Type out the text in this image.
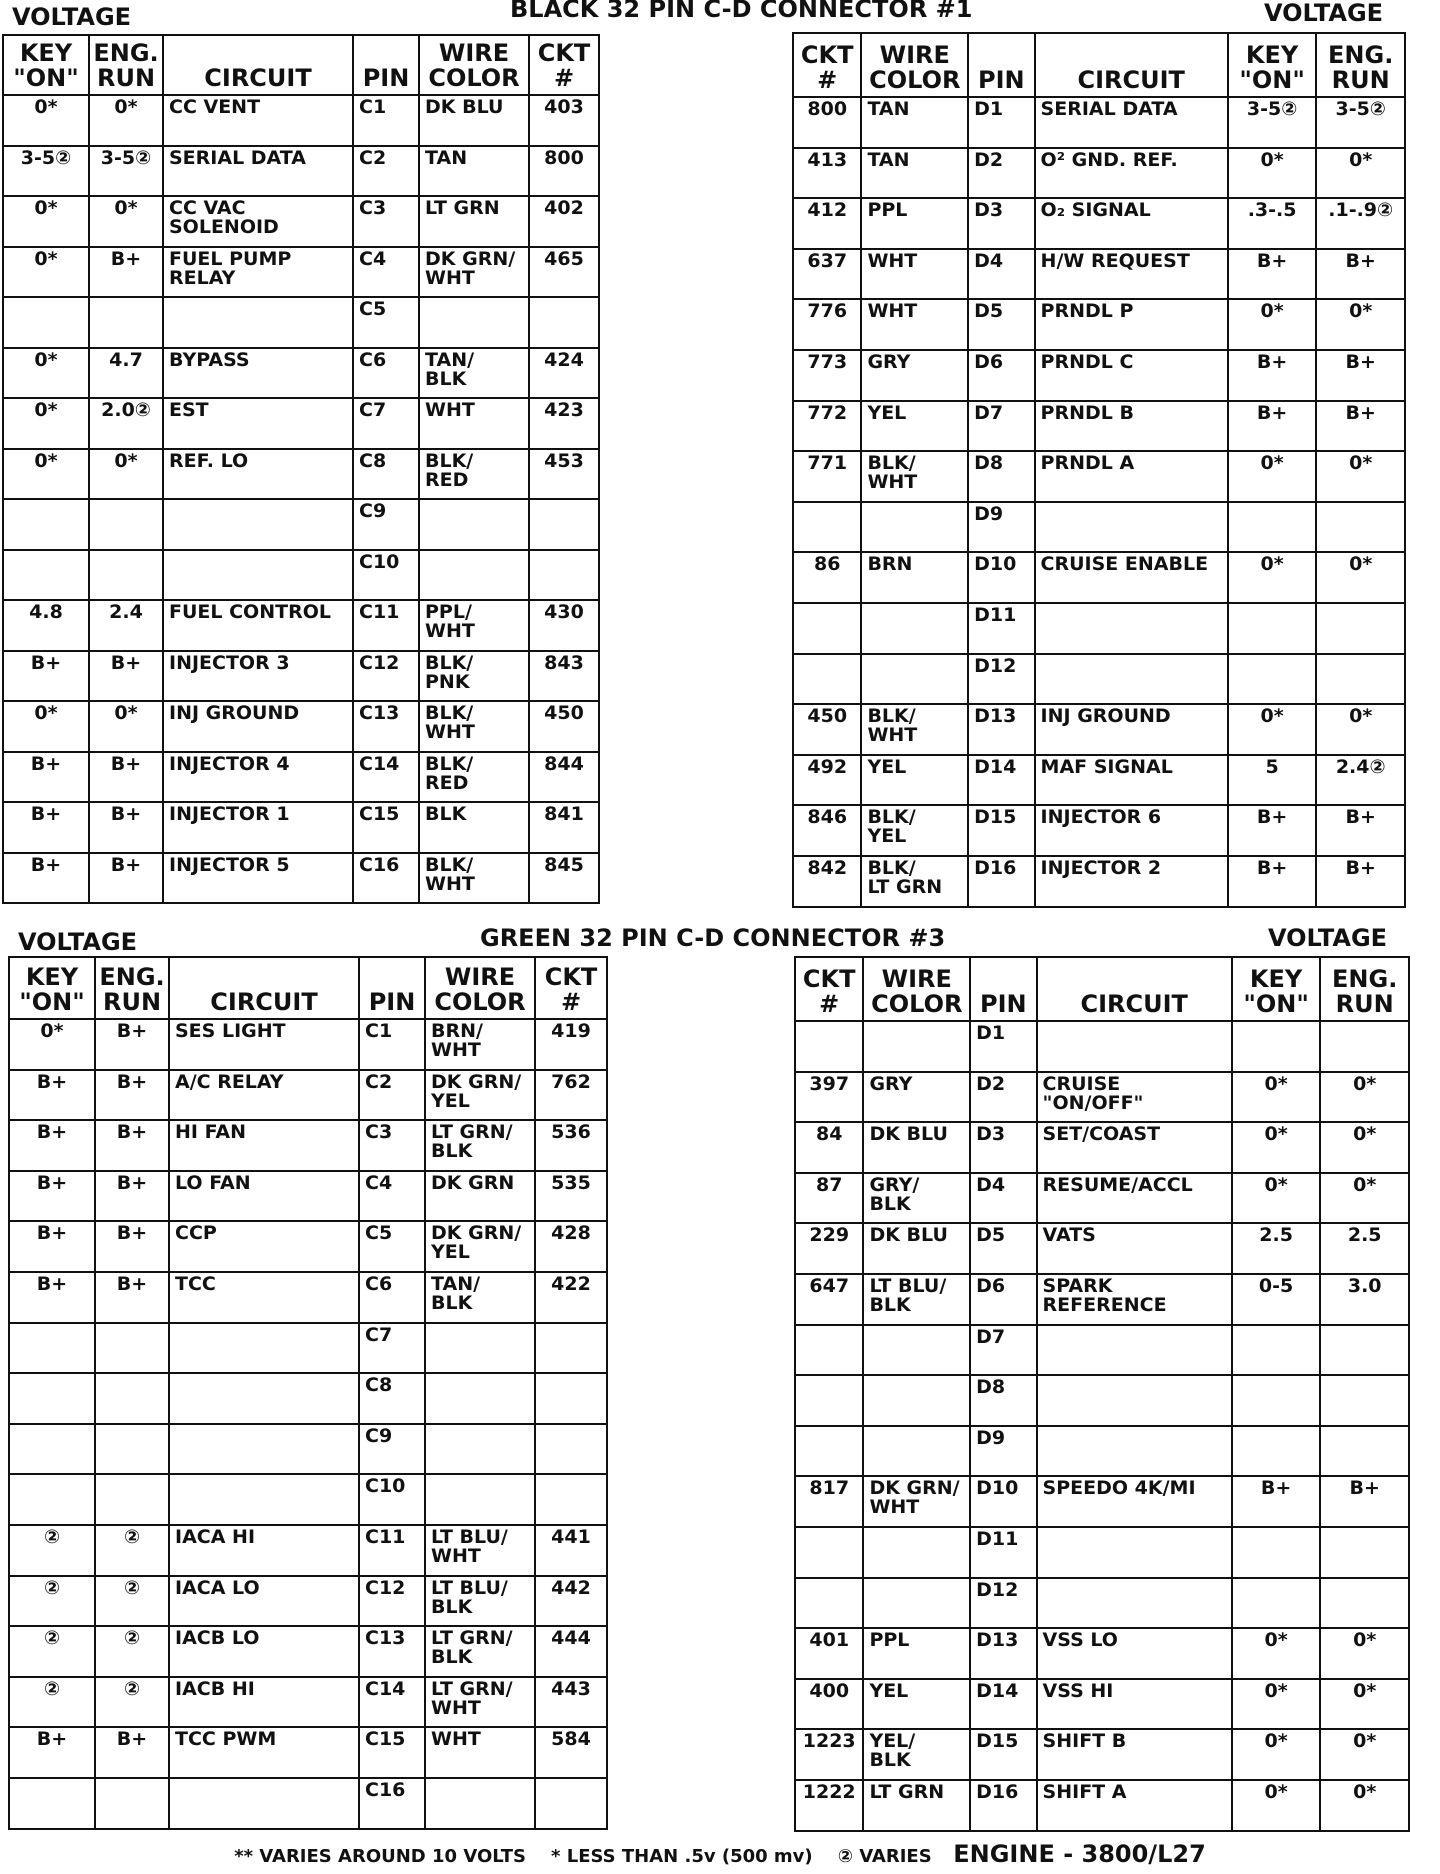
VOLTAGE	BLACK 32 PIN C-D CONNECTOR #1	VOLTAGE
KEY
"ON"	ENG.
RUN	CIRCUIT	PIN	WIRE
COLOR	CKT
#
0*	0*	CC VENT	C1	DK BLU	403
3-5②	3-5②	SERIAL DATA	C2	TAN	800
0*	0*	CC VAC
SOLENOID	C3	LT GRN	402
0*	B+	FUEL PUMP
RELAY	C4	DK GRN/
WHT	465
			C5		
0*	4.7	BYPASS	C6	TAN/
BLK	424
0*	2.0②	EST	C7	WHT	423
0*	0*	REF. LO	C8	BLK/
RED	453
			C9		
			C10		
4.8	2.4	FUEL CONTROL	C11	PPL/
WHT	430
B+	B+	INJECTOR 3	C12	BLK/
PNK	843
0*	0*	INJ GROUND	C13	BLK/
WHT	450
B+	B+	INJECTOR 4	C14	BLK/
RED	844
B+	B+	INJECTOR 1	C15	BLK	841
B+	B+	INJECTOR 5	C16	BLK/
WHT	845
CKT
#	WIRE
COLOR	PIN	CIRCUIT	KEY
"ON"	ENG.
RUN
800	TAN	D1	SERIAL DATA	3-5②	3-5②
413	TAN	D2	O² GND. REF.	0*	0*
412	PPL	D3	O₂ SIGNAL	.3-.5	.1-.9②
637	WHT	D4	H/W REQUEST	B+	B+
776	WHT	D5	PRNDL P	0*	0*
773	GRY	D6	PRNDL C	B+	B+
772	YEL	D7	PRNDL B	B+	B+
771	BLK/
WHT	D8	PRNDL A	0*	0*
		D9			
86	BRN	D10	CRUISE ENABLE	0*	0*
		D11			
		D12			
450	BLK/
WHT	D13	INJ GROUND	0*	0*
492	YEL	D14	MAF SIGNAL	5	2.4②
846	BLK/
YEL	D15	INJECTOR 6	B+	B+
842	BLK/
LT GRN	D16	INJECTOR 2	B+	B+
VOLTAGE	GREEN 32 PIN C-D CONNECTOR #3	VOLTAGE
KEY
"ON"	ENG.
RUN	CIRCUIT	PIN	WIRE
COLOR	CKT
#
0*	B+	SES LIGHT	C1	BRN/
WHT	419
B+	B+	A/C RELAY	C2	DK GRN/
YEL	762
B+	B+	HI FAN	C3	LT GRN/
BLK	536
B+	B+	LO FAN	C4	DK GRN	535
B+	B+	CCP	C5	DK GRN/
YEL	428
B+	B+	TCC	C6	TAN/
BLK	422
			C7		
			C8		
			C9		
			C10		
②	②	IACA HI	C11	LT BLU/
WHT	441
②	②	IACA LO	C12	LT BLU/
BLK	442
②	②	IACB LO	C13	LT GRN/
BLK	444
②	②	IACB HI	C14	LT GRN/
WHT	443
B+	B+	TCC PWM	C15	WHT	584
			C16		
CKT
#	WIRE
COLOR	PIN	CIRCUIT	KEY
"ON"	ENG.
RUN
		D1			
397	GRY	D2	CRUISE
"ON/OFF"	0*	0*
84	DK BLU	D3	SET/COAST	0*	0*
87	GRY/
BLK	D4	RESUME/ACCL	0*	0*
229	DK BLU	D5	VATS	2.5	2.5
647	LT BLU/
BLK	D6	SPARK
REFERENCE	0-5	3.0
		D7			
		D8			
		D9			
817	DK GRN/
WHT	D10	SPEEDO 4K/MI	B+	B+
		D11			
		D12			
401	PPL	D13	VSS LO	0*	0*
400	YEL	D14	VSS HI	0*	0*
1223	YEL/
BLK	D15	SHIFT B	0*	0*
1222	LT GRN	D16	SHIFT A	0*	0*
** VARIES AROUND 10 VOLTS    * LESS THAN .5v (500 mv)    ② VARIES ENGINE - 3800/L27
